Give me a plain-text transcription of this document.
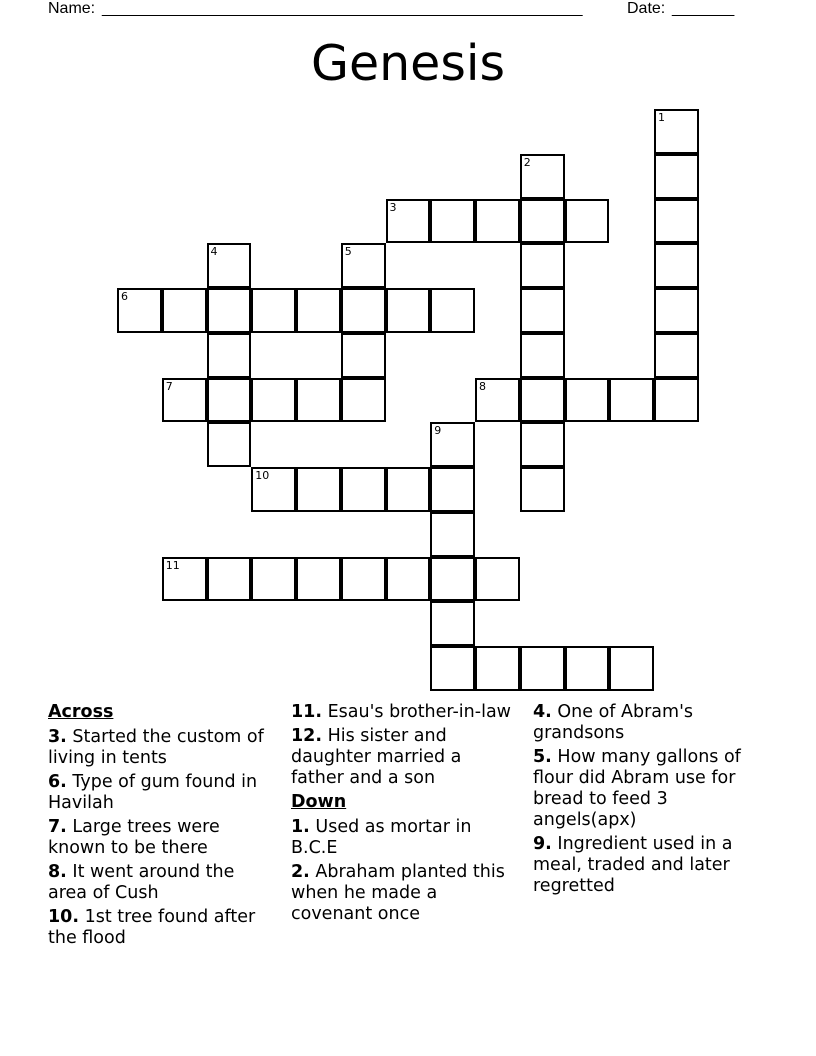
Name: ______________________________________________________	Date: _______
Genesis
1
2
3
4	5
6
7	8
9
10
11
Across
3. Started the custom of living in tents
6. Type of gum found in Havilah
7. Large trees were known to be there
8. It went around the area of Cush
10. 1st tree found after the flood
11. Esau's brother-in-law
12. His sister and daughter married a father and a son
Down
1. Used as mortar in B.C.E
2. Abraham planted this when he made a covenant once
4. One of Abram's grandsons
5. How many gallons of flour did Abram use for bread to feed 3 angels(apx)
9. Ingredient used in a meal, traded and later regretted
